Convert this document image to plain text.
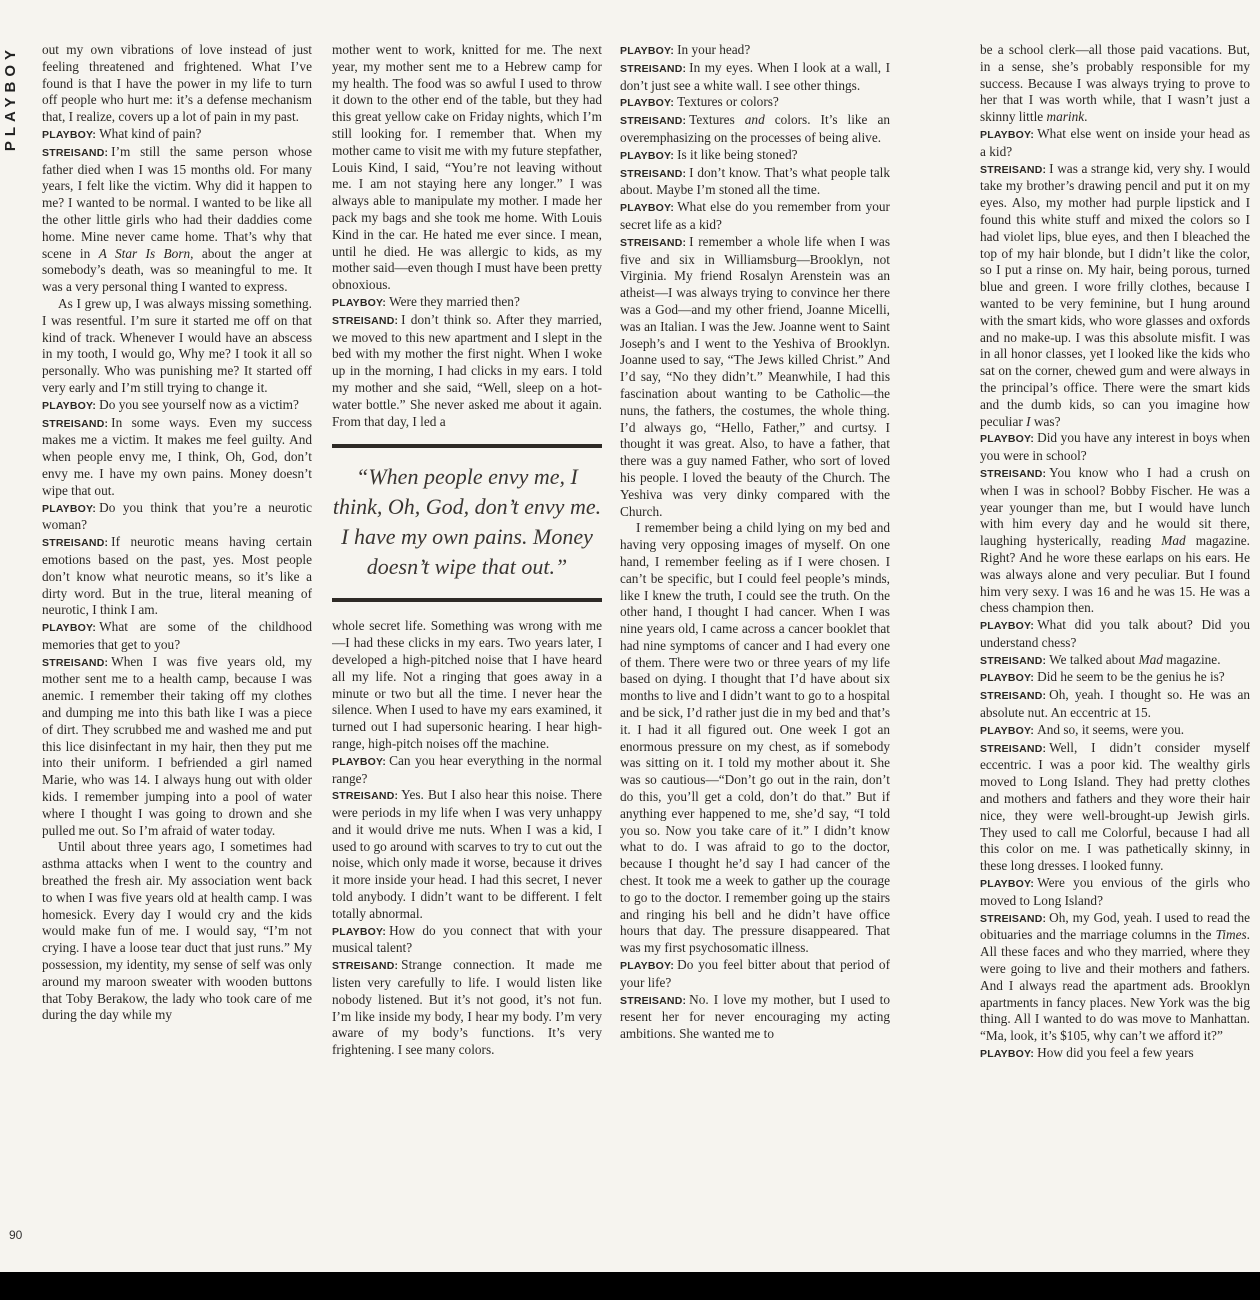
PLAYBOY
90

out my own vibrations of love instead of just feeling threatened and frightened. What I’ve found is that I have the power in my life to turn off people who hurt me: it’s a defense mechanism that, I realize, covers up a lot of pain in my past.

PLAYBOY: What kind of pain?

STREISAND: I’m still the same person whose father died when I was 15 months old. For many years, I felt like the victim. Why did it happen to me? I wanted to be normal. I wanted to be like all the other little girls who had their daddies come home. Mine never came home. That’s why that scene in A Star Is Born, about the anger at somebody’s death, was so meaningful to me. It was a very personal thing I wanted to express.

As I grew up, I was always missing something. I was resentful. I’m sure it started me off on that kind of track. Whenever I would have an abscess in my tooth, I would go, Why me? I took it all so personally. Who was punishing me? It started off very early and I’m still trying to change it.

PLAYBOY: Do you see yourself now as a victim?

STREISAND: In some ways. Even my success makes me a victim. It makes me feel guilty. And when people envy me, I think, Oh, God, don’t envy me. I have my own pains. Money doesn’t wipe that out.

PLAYBOY: Do you think that you’re a neurotic woman?

STREISAND: If neurotic means having certain emotions based on the past, yes. Most people don’t know what neurotic means, so it’s like a dirty word. But in the true, literal meaning of neurotic, I think I am.

PLAYBOY: What are some of the childhood memories that get to you?

STREISAND: When I was five years old, my mother sent me to a health camp, because I was anemic. I remember their taking off my clothes and dumping me into this bath like I was a piece of dirt. They scrubbed me and washed me and put this lice disinfectant in my hair, then they put me into their uniform. I befriended a girl named Marie, who was 14. I always hung out with older kids. I remember jumping into a pool of water where I thought I was going to drown and she pulled me out. So I’m afraid of water today.

Until about three years ago, I sometimes had asthma attacks when I went to the country and breathed the fresh air. My association went back to when I was five years old at health camp. I was homesick. Every day I would cry and the kids would make fun of me. I would say, “I’m not crying. I have a loose tear duct that just runs.” My possession, my identity, my sense of self was only around my maroon sweater with wooden buttons that Toby Berakow, the lady who took care of me during the day while my

mother went to work, knitted for me. The next year, my mother sent me to a Hebrew camp for my health. The food was so awful I used to throw it down to the other end of the table, but they had this great yellow cake on Friday nights, which I’m still looking for. I remember that. When my mother came to visit me with my future stepfather, Louis Kind, I said, “You’re not leaving without me. I am not staying here any longer.” I was always able to manipulate my mother. I made her pack my bags and she took me home. With Louis Kind in the car. He hated me ever since. I mean, until he died. He was allergic to kids, as my mother said—even though I must have been pretty obnoxious.

PLAYBOY: Were they married then?

STREISAND: I don’t think so. After they married, we moved to this new apartment and I slept in the bed with my mother the first night. When I woke up in the morning, I had clicks in my ears. I told my mother and she said, “Well, sleep on a hot-water bottle.” She never asked me about it again. From that day, I led a

“When people envy me, I think, Oh, God, don’t envy me. I have my own pains. Money doesn’t wipe that out.”

whole secret life. Something was wrong with me—I had these clicks in my ears. Two years later, I developed a high-pitched noise that I have heard all my life. Not a ringing that goes away in a minute or two but all the time. I never hear the silence. When I used to have my ears examined, it turned out I had supersonic hearing. I hear high-range, high-pitch noises off the machine.

PLAYBOY: Can you hear everything in the normal range?

STREISAND: Yes. But I also hear this noise. There were periods in my life when I was very unhappy and it would drive me nuts. When I was a kid, I used to go around with scarves to try to cut out the noise, which only made it worse, because it drives it more inside your head. I had this secret, I never told anybody. I didn’t want to be different. I felt totally abnormal.

PLAYBOY: How do you connect that with your musical talent?

STREISAND: Strange connection. It made me listen very carefully to life. I would listen like nobody listened. But it’s not good, it’s not fun. I’m like inside my body, I hear my body. I’m very aware of my body’s functions. It’s very frightening. I see many colors.

PLAYBOY: In your head?

STREISAND: In my eyes. When I look at a wall, I don’t just see a white wall. I see other things.

PLAYBOY: Textures or colors?

STREISAND: Textures and colors. It’s like an overemphasizing on the processes of being alive.

PLAYBOY: Is it like being stoned?

STREISAND: I don’t know. That’s what people talk about. Maybe I’m stoned all the time.

PLAYBOY: What else do you remember from your secret life as a kid?

STREISAND: I remember a whole life when I was five and six in Williamsburg—Brooklyn, not Virginia. My friend Rosalyn Arenstein was an atheist—I was always trying to convince her there was a God—and my other friend, Joanne Micelli, was an Italian. I was the Jew. Joanne went to Saint Joseph’s and I went to the Yeshiva of Brooklyn. Joanne used to say, “The Jews killed Christ.” And I’d say, “No they didn’t.” Meanwhile, I had this fascination about wanting to be Catholic—the nuns, the fathers, the costumes, the whole thing. I’d always go, “Hello, Father,” and curtsy. I thought it was great. Also, to have a father, that there was a guy named Father, who sort of loved his people. I loved the beauty of the Church. The Yeshiva was very dinky compared with the Church.

I remember being a child lying on my bed and having very opposing images of myself. On one hand, I remember feeling as if I were chosen. I can’t be specific, but I could feel people’s minds, like I knew the truth, I could see the truth. On the other hand, I thought I had cancer. When I was nine years old, I came across a cancer booklet that had nine symptoms of cancer and I had every one of them. There were two or three years of my life based on dying. I thought that I’d have about six months to live and I didn’t want to go to a hospital and be sick, I’d rather just die in my bed and that’s it. I had it all figured out. One week I got an enormous pressure on my chest, as if somebody was sitting on it. I told my mother about it. She was so cautious—“Don’t go out in the rain, don’t do this, you’ll get a cold, don’t do that.” But if anything ever happened to me, she’d say, “I told you so. Now you take care of it.” I didn’t know what to do. I was afraid to go to the doctor, because I thought he’d say I had cancer of the chest. It took me a week to gather up the courage to go to the doctor. I remember going up the stairs and ringing his bell and he didn’t have office hours that day. The pressure disappeared. That was my first psychosomatic illness.

PLAYBOY: Do you feel bitter about that period of your life?

STREISAND: No. I love my mother, but I used to resent her for never encouraging my acting ambitions. She wanted me to

be a school clerk—all those paid vacations. But, in a sense, she’s probably responsible for my success. Because I was always trying to prove to her that I was worth while, that I wasn’t just a skinny little marink.

PLAYBOY: What else went on inside your head as a kid?

STREISAND: I was a strange kid, very shy. I would take my brother’s drawing pencil and put it on my eyes. Also, my mother had purple lipstick and I found this white stuff and mixed the colors so I had violet lips, blue eyes, and then I bleached the top of my hair blonde, but I didn’t like the color, so I put a rinse on. My hair, being porous, turned blue and green. I wore frilly clothes, because I wanted to be very feminine, but I hung around with the smart kids, who wore glasses and oxfords and no make-up. I was this absolute misfit. I was in all honor classes, yet I looked like the kids who sat on the corner, chewed gum and were always in the principal’s office. There were the smart kids and the dumb kids, so can you imagine how peculiar I was?

PLAYBOY: Did you have any interest in boys when you were in school?

STREISAND: You know who I had a crush on when I was in school? Bobby Fischer. He was a year younger than me, but I would have lunch with him every day and he would sit there, laughing hysterically, reading Mad magazine. Right? And he wore these earlaps on his ears. He was always alone and very peculiar. But I found him very sexy. I was 16 and he was 15. He was a chess champion then.

PLAYBOY: What did you talk about? Did you understand chess?

STREISAND: We talked about Mad magazine.

PLAYBOY: Did he seem to be the genius he is?

STREISAND: Oh, yeah. I thought so. He was an absolute nut. An eccentric at 15.

PLAYBOY: And so, it seems, were you.

STREISAND: Well, I didn’t consider myself eccentric. I was a poor kid. The wealthy girls moved to Long Island. They had pretty clothes and mothers and fathers and they wore their hair nice, they were well-brought-up Jewish girls. They used to call me Colorful, because I had all this color on me. I was pathetically skinny, in these long dresses. I looked funny.

PLAYBOY: Were you envious of the girls who moved to Long Island?

STREISAND: Oh, my God, yeah. I used to read the obituaries and the marriage columns in the Times. All these faces and who they married, where they were going to live and their mothers and fathers. And I always read the apartment ads. Brooklyn apartments in fancy places. New York was the big thing. All I wanted to do was move to Manhattan. “Ma, look, it’s $105, why can’t we afford it?”

PLAYBOY: How did you feel a few years
